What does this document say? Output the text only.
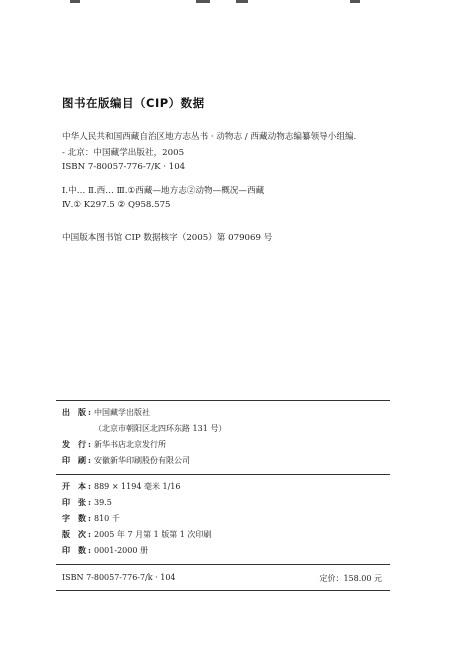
图书在版编目（CIP）数据
中华人民共和国西藏自治区地方志丛书 · 动物志 / 西藏动物志编纂领导小组编.
- 北京：中国藏学出版社，2005
ISBN 7-80057-776-7/K · 104
Ⅰ.中… Ⅱ.西… Ⅲ.①西藏—地方志②动物—概况—西藏
Ⅳ.① K297.5 ② Q958.575
中国版本图书馆 CIP 数据核字（2005）第 079069 号
出　版 : 中国藏学出版社
（北京市朝阳区北四环东路 131 号）
发　行 : 新华书店北京发行所
印　刷 : 安徽新华印刷股份有限公司
开　本 : 889 × 1194 毫米 1/16
印　张 : 39.5
字　数 : 810 千
版　次 : 2005 年 7 月第 1 版第 1 次印刷
印　数 : 0001-2000 册
ISBN 7-80057-776-7/k · 104	定价：158.00 元
